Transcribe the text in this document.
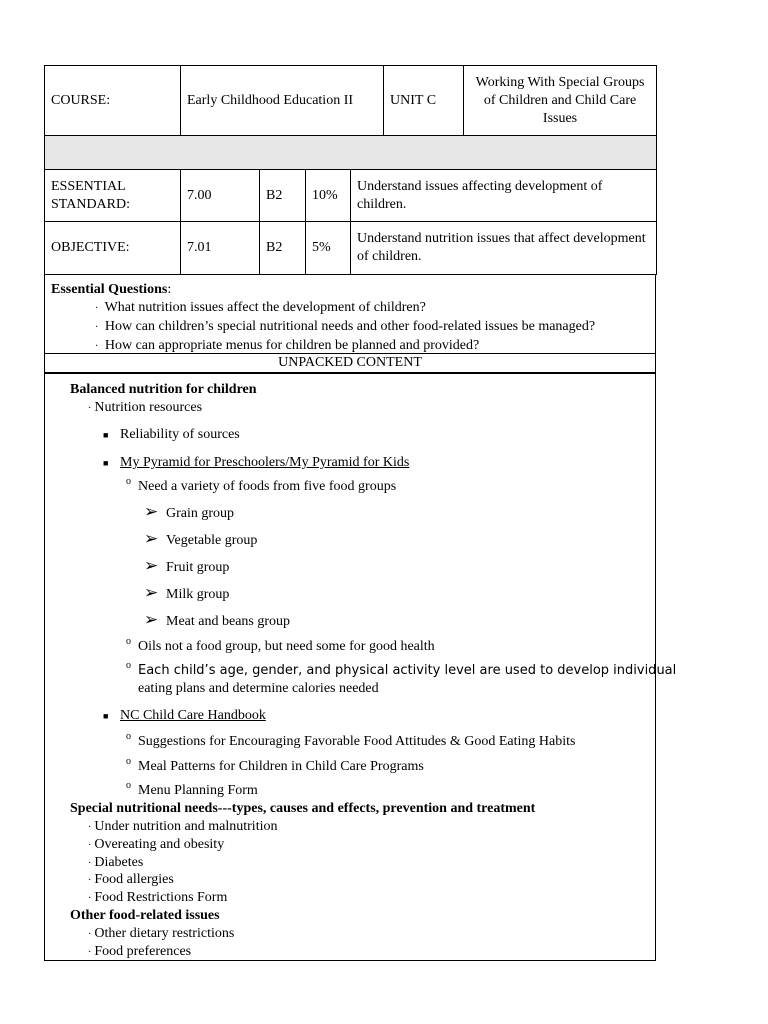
COURSE:	Early Childhood Education II				UNIT C	Working With Special Groups of Children and Child Care Issues

ESSENTIAL STANDARD:	7.00	B2	10%	Understand issues affecting development of children.		
OBJECTIVE:	7.01	B2	5%	Understand nutrition issues that affect development of children.		
Essential Questions:
· What nutrition issues affect the development of children?
· How can children’s special nutritional needs and other food-related issues be managed?
· How can appropriate menus for children be planned and provided?
UNPACKED CONTENT
Balanced nutrition for children
· Nutrition resources
■ Reliability of sources
■ My Pyramid for Preschoolers/My Pyramid for Kids
o Need a variety of foods from five food groups
➢ Grain group
➢ Vegetable group
➢ Fruit group
➢ Milk group
➢ Meat and beans group
o Oils not a food group, but need some for good health
o Each child’s age, gender, and physical activity level are used to develop individual
eating plans and determine calories needed
■ NC Child Care Handbook
o Suggestions for Encouraging Favorable Food Attitudes & Good Eating Habits
o Meal Patterns for Children in Child Care Programs
o Menu Planning Form
Special nutritional needs---types, causes and effects, prevention and treatment
· Under nutrition and malnutrition
· Overeating and obesity
· Diabetes
· Food allergies
· Food Restrictions Form
Other food-related issues
· Other dietary restrictions
· Food preferences
